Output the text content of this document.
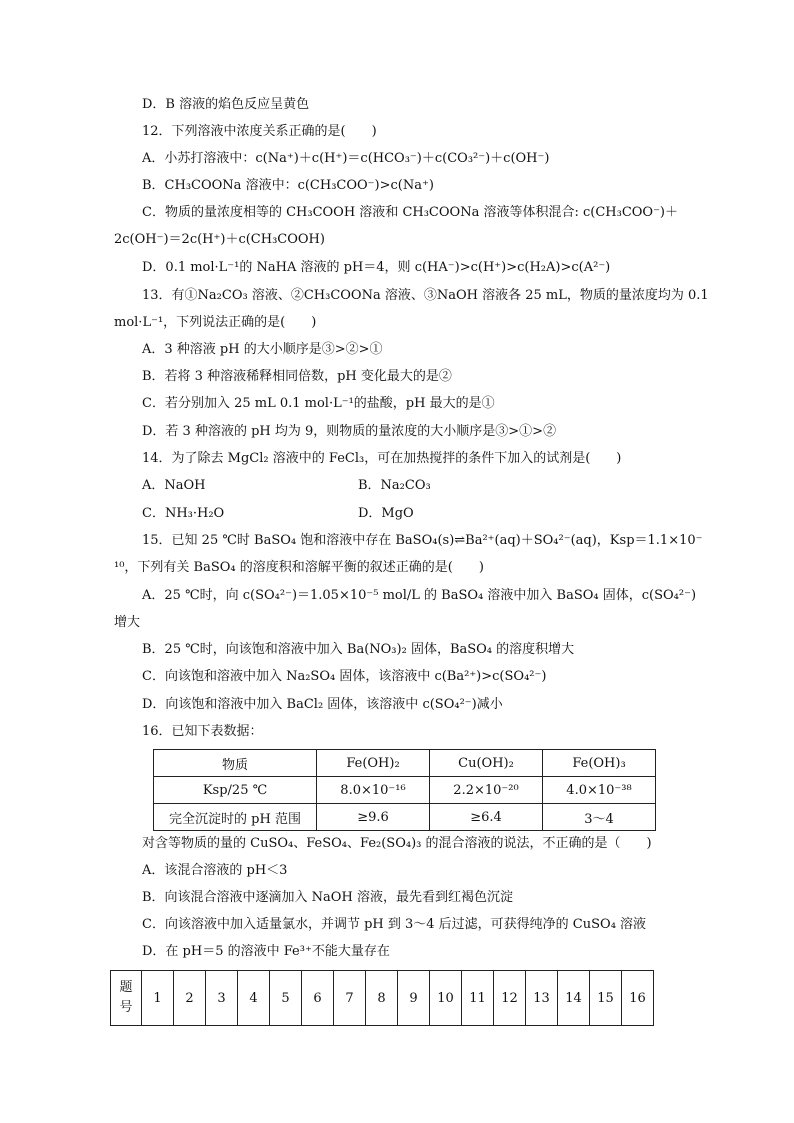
D．B 溶液的焰色反应呈黄色
12．下列溶液中浓度关系正确的是(　　)
A．小苏打溶液中：c(Na⁺)＋c(H⁺)＝c(HCO₃⁻)＋c(CO₃²⁻)＋c(OH⁻)
B．CH₃COONa 溶液中：c(CH₃COO⁻)>c(Na⁺)
C．物质的量浓度相等的 CH₃COOH 溶液和 CH₃COONa 溶液等体积混合: c(CH₃COO⁻)＋
2c(OH⁻)＝2c(H⁺)＋c(CH₃COOH)
D．0.1 mol·L⁻¹的 NaHA 溶液的 pH＝4，则 c(HA⁻)>c(H⁺)>c(H₂A)>c(A²⁻)
13．有①Na₂CO₃ 溶液、②CH₃COONa 溶液、③NaOH 溶液各 25 mL，物质的量浓度均为 0.1
mol·L⁻¹，下列说法正确的是(　　)
A．3 种溶液 pH 的大小顺序是③>②>①
B．若将 3 种溶液稀释相同倍数，pH 变化最大的是②
C．若分别加入 25 mL 0.1 mol·L⁻¹的盐酸，pH 最大的是①
D．若 3 种溶液的 pH 均为 9，则物质的量浓度的大小顺序是③>①>②
14．为了除去 MgCl₂ 溶液中的 FeCl₃，可在加热搅拌的条件下加入的试剂是(　　)
A．NaOH	B．Na₂CO₃
C．NH₃·H₂O	D．MgO
15．已知 25 ℃时 BaSO₄ 饱和溶液中存在 BaSO₄(s)⇌Ba²⁺(aq)＋SO₄²⁻(aq)，Ksp＝1.1×10⁻
¹⁰，下列有关 BaSO₄ 的溶度积和溶解平衡的叙述正确的是(　　)
A．25 ℃时，向 c(SO₄²⁻)＝1.05×10⁻⁵ mol/L 的 BaSO₄ 溶液中加入 BaSO₄ 固体，c(SO₄²⁻)
增大
B．25 ℃时，向该饱和溶液中加入 Ba(NO₃)₂ 固体，BaSO₄ 的溶度积增大
C．向该饱和溶液中加入 Na₂SO₄ 固体，该溶液中 c(Ba²⁺)>c(SO₄²⁻)
D．向该饱和溶液中加入 BaCl₂ 固体，该溶液中 c(SO₄²⁻)减小
16．已知下表数据：
物质	Fe(OH)₂	Cu(OH)₂	Fe(OH)₃
Ksp/25 ℃	8.0×10⁻¹⁶	2.2×10⁻²⁰	4.0×10⁻³⁸
完全沉淀时的 pH 范围	≥9.6	≥6.4	3～4
对含等物质的量的 CuSO₄、FeSO₄、Fe₂(SO₄)₃ 的混合溶液的说法，不正确的是（　　)
A．该混合溶液的 pH＜3
B．向该混合溶液中逐滴加入 NaOH 溶液，最先看到红褐色沉淀
C．向该溶液中加入适量氯水，并调节 pH 到 3～4 后过滤，可获得纯净的 CuSO₄ 溶液
D．在 pH＝5 的溶液中 Fe³⁺不能大量存在
题
号
	1	2	3	4	5	6	7	8	9	10	11	12	13	14	15	16
